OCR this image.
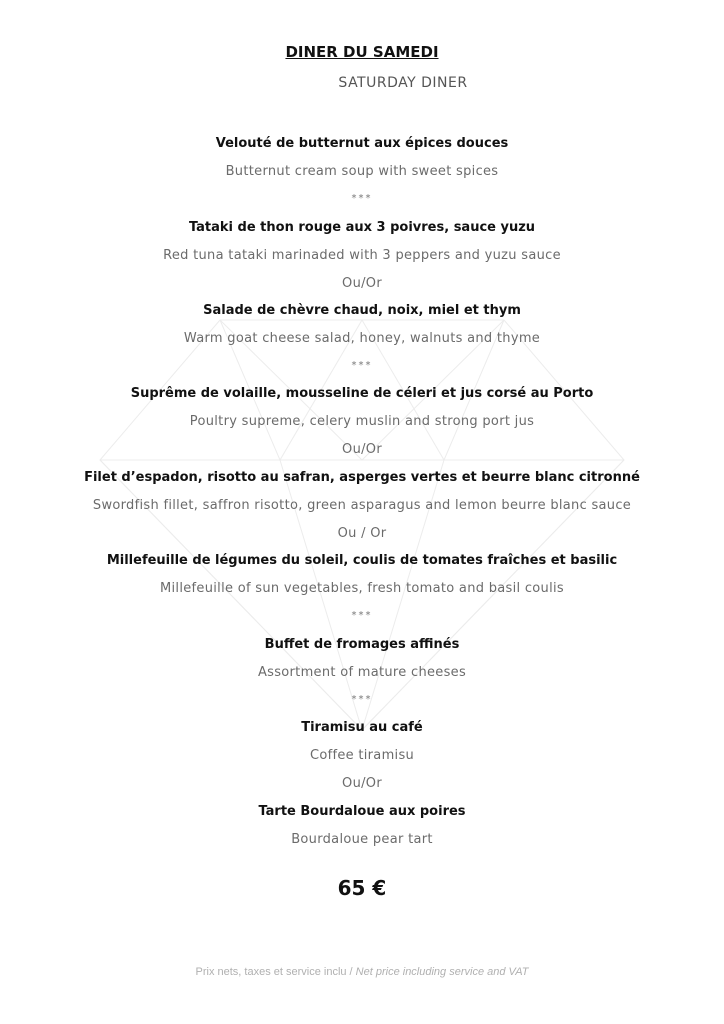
DINER DU SAMEDI
SATURDAY DINER
Velouté de butternut aux épices douces
Butternut cream soup with sweet spices
***
Tataki de thon rouge aux 3 poivres, sauce yuzu
Red tuna tataki marinaded with 3 peppers and yuzu sauce
Ou/Or
Salade de chèvre chaud, noix, miel et thym
Warm goat cheese salad, honey, walnuts and thyme
***
Suprême de volaille, mousseline de céleri et jus corsé au Porto
Poultry supreme, celery muslin and strong port jus
Ou/Or
Filet d’espadon, risotto au safran, asperges vertes et beurre blanc citronné
Swordfish fillet, saffron risotto, green asparagus and lemon beurre blanc sauce
Ou / Or
Millefeuille de légumes du soleil, coulis de tomates fraîches et basilic
Millefeuille of sun vegetables, fresh tomato and basil coulis
***
Buffet de fromages affinés
Assortment of mature cheeses
***
Tiramisu au café
Coffee tiramisu
Ou/Or
Tarte Bourdaloue aux poires
Bourdaloue pear tart
65 €
Prix nets, taxes et service inclu / Net price including service and VAT
